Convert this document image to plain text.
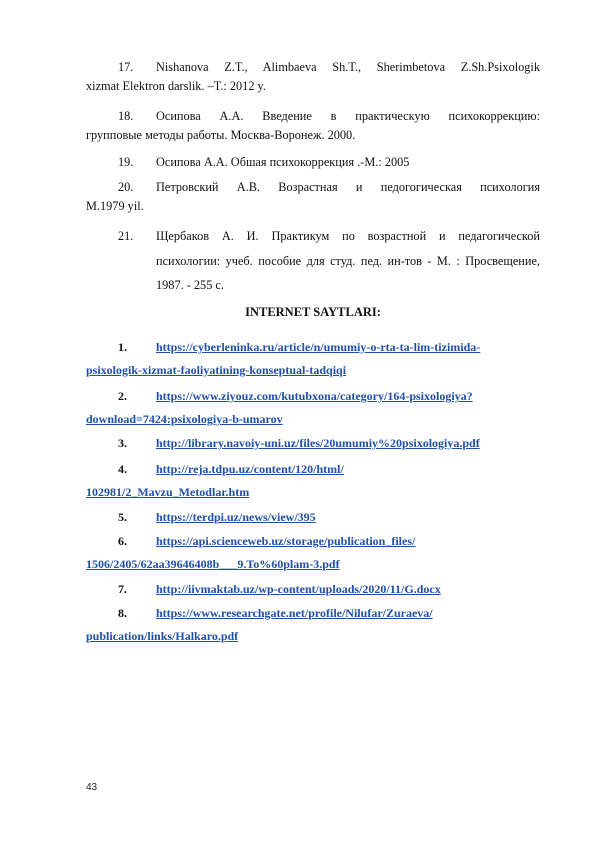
17.	Nishanova Z.T., Alimbaeva Sh.T., Sherimbetova Z.Sh.Psixologik
xizmat Elektron darslik. –T.: 2012 y.
18.	Осипова А.А. Введение в практическую психокоррекцию:
групповые методы работы. Москва-Воронеж. 2000.
19.	Осипова А.А. Обшая психокоррекция .-М.: 2005
20.	Петровский А.В. Возрастная и педогогическая психология
М.1979 yil.
21.	Щербаков А. И. Практикум по возрастной и педагогической
психологии: учеб. пособие для студ. пед. ин-тов - М. : Просвещение,
1987. - 255 с.
INTERNET SAYTLARI:
1.	https://cyberleninka.ru/article/n/umumiy-o-rta-ta-lim-tizimida-
psixologik-xizmat-faoliyatining-konseptual-tadqiqi
2.	https://www.ziyouz.com/kutubxona/category/164-psixologiya?
download=7424:psixologiya-b-umarov
3.	http://library.navoiy-uni.uz/files/20umumiy%20psixologiya.pdf
4.	http://reja.tdpu.uz/content/120/html/
102981/2_Mavzu_Metodlar.htm
5.	https://terdpi.uz/news/view/395
6.	https://api.scienceweb.uz/storage/publication_files/
1506/2405/62aa39646408b___9.To%60plam-3.pdf
7.	http://iivmaktab.uz/wp-content/uploads/2020/11/G.docx
8.	https://www.researchgate.net/profile/Nilufar/Zuraeva/
publication/links/Halkaro.pdf
43
